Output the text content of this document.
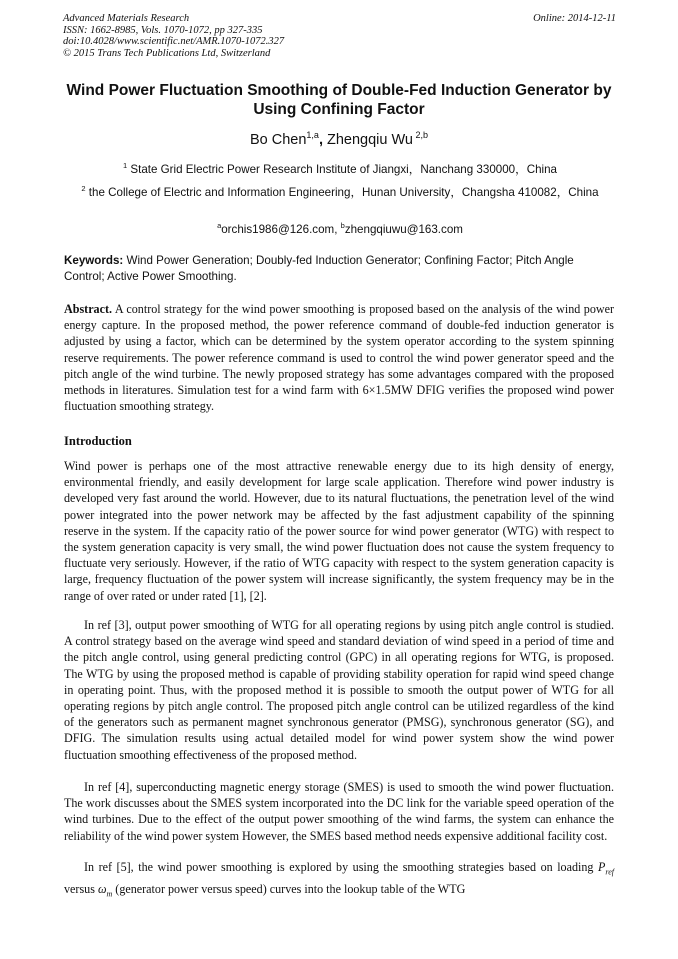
Advanced Materials Research
ISSN: 1662-8985, Vols. 1070-1072, pp 327-335
doi:10.4028/www.scientific.net/AMR.1070-1072.327
© 2015 Trans Tech Publications Ltd, Switzerland
Online: 2014-12-11
Wind Power Fluctuation Smoothing of Double-Fed Induction Generator by Using Confining Factor
Bo Chen$^{1,a}$, Zhengqiu Wu $^{2,b}$
$^1$ State Grid Electric Power Research Institute of Jiangxi，Nanchang 330000，China
$^2$ the College of Electric and Information Engineering，Hunan University，Changsha 410082，China
$^a$orchis1986@126.com, $^b$zhengqiuwu@163.com
Keywords: Wind Power Generation; Doubly-fed Induction Generator; Confining Factor; Pitch Angle Control; Active Power Smoothing.
Abstract. A control strategy for the wind power smoothing is proposed based on the analysis of the wind power energy capture. In the proposed method, the power reference command of double-fed induction generator is adjusted by using a factor, which can be determined by the system operator according to the system spinning reserve requirements. The power reference command is used to control the wind power generator speed and the pitch angle of the wind turbine. The newly proposed strategy has some advantages compared with the proposed methods in literatures. Simulation test for a wind farm with 6×1.5MW DFIG verifies the proposed wind power fluctuation smoothing strategy.
Introduction
Wind power is perhaps one of the most attractive renewable energy due to its high density of energy, environmental friendly, and easily development for large scale application. Therefore wind power industry is developed very fast around the world. However, due to its natural fluctuations, the penetration level of the wind power integrated into the power network may be affected by the fast adjustment capability of the spinning reserve in the system. If the capacity ratio of the power source for wind power generator (WTG) with respect to the system generation capacity is very small, the wind power fluctuation does not cause the system frequency to fluctuate very seriously. However, if the ratio of WTG capacity with respect to the system generation capacity is large, frequency fluctuation of the power system will increase significantly, the system frequency may be in the range of over rated or under rated [1], [2].
In ref [3], output power smoothing of WTG for all operating regions by using pitch angle control is studied. A control strategy based on the average wind speed and standard deviation of wind speed in a period of time and the pitch angle control, using general predicting control (GPC) in all operating regions for WTG, is proposed. The WTG by using the proposed method is capable of providing stability operation for rapid wind speed change in operating point. Thus, with the proposed method it is possible to smooth the output power of WTG for all operating regions by pitch angle control. The proposed pitch angle control can be utilized regardless of the kind of the generators such as permanent magnet synchronous generator (PMSG), synchronous generator (SG), and DFIG. The simulation results using actual detailed model for wind power system show the wind power fluctuation smoothing effectiveness of the proposed method.
In ref [4], superconducting magnetic energy storage (SMES) is used to smooth the wind power fluctuation. The work discusses about the SMES system incorporated into the DC link for the variable speed operation of the wind turbines. Due to the effect of the output power smoothing of the wind farms, the system can enhance the reliability of the wind power system However, the SMES based method needs expensive additional facility cost.
In ref [5], the wind power smoothing is explored by using the smoothing strategies based on loading $P_{ref}$ versus $\omega_m$ (generator power versus speed) curves into the lookup table of the WTG
